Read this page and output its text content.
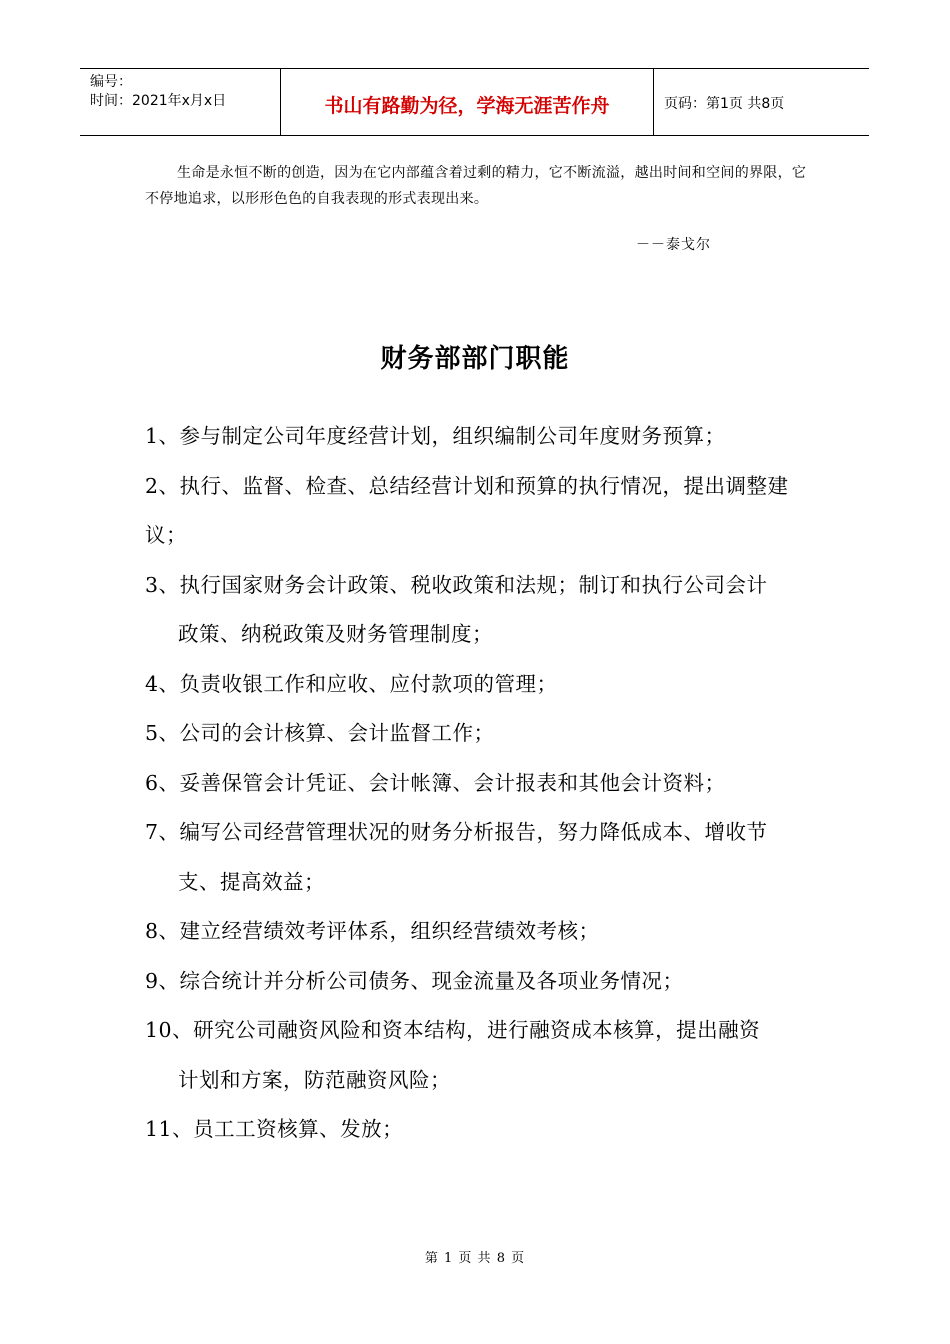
编号：
时间：2021年x月x日	书山有路勤为径，学海无涯苦作舟	页码：第1页 共8页
生命是永恒不断的创造，因为在它内部蕴含着过剩的精力，它不断流溢，越出时间和空间的界限，它不停地追求，以形形色色的自我表现的形式表现出来。
－－泰戈尔
财务部部门职能
1、参与制定公司年度经营计划，组织编制公司年度财务预算；
2、执行、监督、检查、总结经营计划和预算的执行情况，提出调整建
议；
3、执行国家财务会计政策、税收政策和法规；制订和执行公司会计
政策、纳税政策及财务管理制度；
4、负责收银工作和应收、应付款项的管理；
5、公司的会计核算、会计监督工作；
6、妥善保管会计凭证、会计帐簿、会计报表和其他会计资料；
7、编写公司经营管理状况的财务分析报告，努力降低成本、增收节
支、提高效益；
8、建立经营绩效考评体系，组织经营绩效考核；
9、综合统计并分析公司债务、现金流量及各项业务情况；
10、研究公司融资风险和资本结构，进行融资成本核算，提出融资
计划和方案，防范融资风险；
11、员工工资核算、发放；
第 1 页 共 8 页
